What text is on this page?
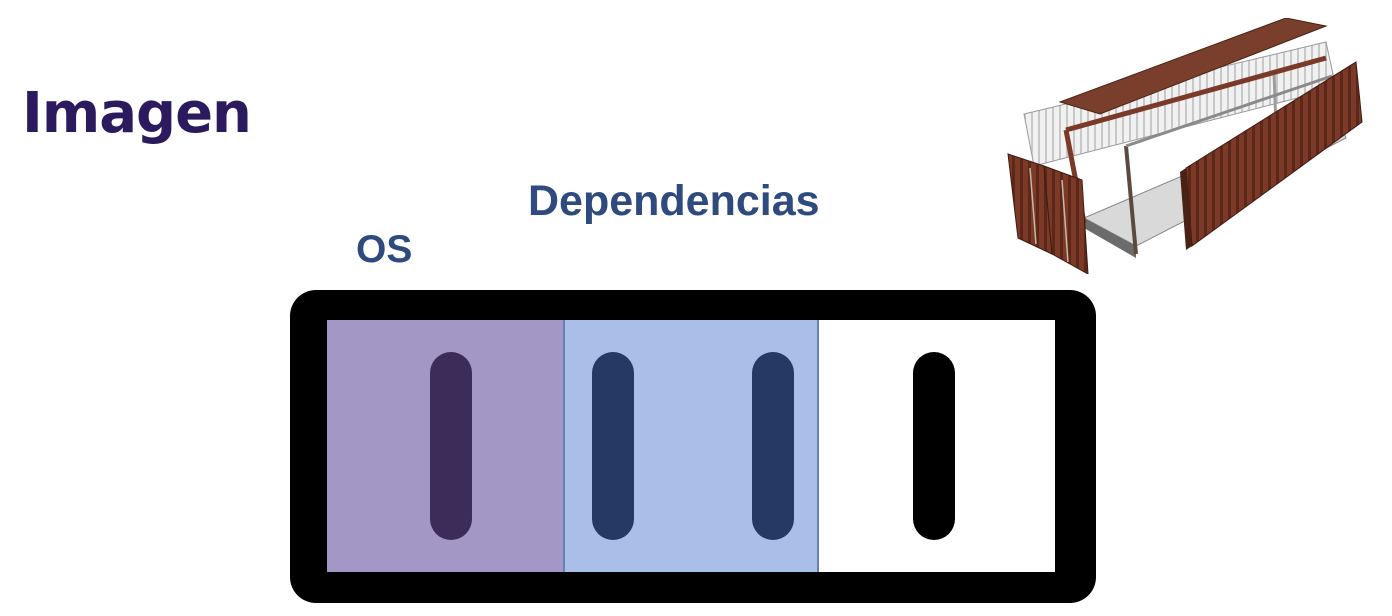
Imagen
Dependencias
OS
